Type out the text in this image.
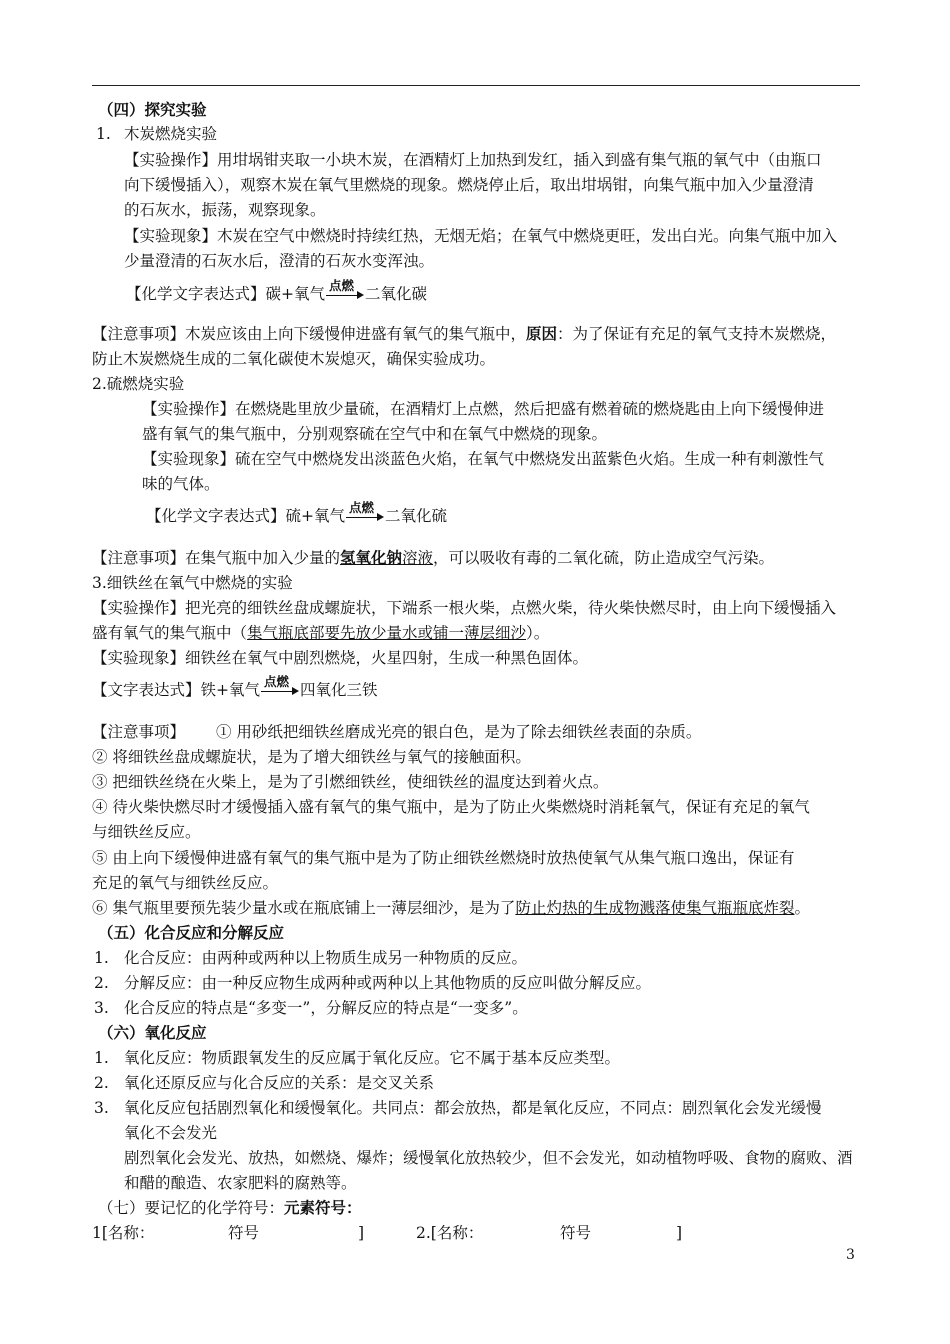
（四）探究实验
1. 木炭燃烧实验
【实验操作】用坩埚钳夹取一小块木炭，在酒精灯上加热到发红，插入到盛有集气瓶的氧气中（由瓶口
向下缓慢插入），观察木炭在氧气里燃烧的现象。燃烧停止后，取出坩埚钳，向集气瓶中加入少量澄清
的石灰水，振荡，观察现象。
【实验现象】木炭在空气中燃烧时持续红热，无烟无焰；在氧气中燃烧更旺，发出白光。向集气瓶中加入
少量澄清的石灰水后，澄清的石灰水变浑浊。
【化学文字表达式】碳+氧气 点燃 二氧化碳
【注意事项】木炭应该由上向下缓慢伸进盛有氧气的集气瓶中，原因：为了保证有充足的氧气支持木炭燃烧，
防止木炭燃烧生成的二氧化碳使木炭熄灭，确保实验成功。
2.硫燃烧实验
【实验操作】在燃烧匙里放少量硫，在酒精灯上点燃，然后把盛有燃着硫的燃烧匙由上向下缓慢伸进
盛有氧气的集气瓶中，分别观察硫在空气中和在氧气中燃烧的现象。
【实验现象】硫在空气中燃烧发出淡蓝色火焰，在氧气中燃烧发出蓝紫色火焰。生成一种有刺激性气
味的气体。
【化学文字表达式】硫+氧气 点燃 二氧化硫
【注意事项】在集气瓶中加入少量的氢氧化钠溶液，可以吸收有毒的二氧化硫，防止造成空气污染。
3.细铁丝在氧气中燃烧的实验
【实验操作】把光亮的细铁丝盘成螺旋状，下端系一根火柴，点燃火柴，待火柴快燃尽时，由上向下缓慢插入
盛有氧气的集气瓶中（集气瓶底部要先放少量水或铺一薄层细沙）。
【实验现象】细铁丝在氧气中剧烈燃烧，火星四射，生成一种黑色固体。
【文字表达式】铁+氧气 点燃 四氧化三铁
【注意事项】 ① 用砂纸把细铁丝磨成光亮的银白色，是为了除去细铁丝表面的杂质。
② 将细铁丝盘成螺旋状，是为了增大细铁丝与氧气的接触面积。
③ 把细铁丝绕在火柴上，是为了引燃细铁丝，使细铁丝的温度达到着火点。
④ 待火柴快燃尽时才缓慢插入盛有氧气的集气瓶中，是为了防止火柴燃烧时消耗氧气，保证有充足的氧气
与细铁丝反应。
⑤ 由上向下缓慢伸进盛有氧气的集气瓶中是为了防止细铁丝燃烧时放热使氧气从集气瓶口逸出，保证有
充足的氧气与细铁丝反应。
⑥ 集气瓶里要预先装少量水或在瓶底铺上一薄层细沙，是为了防止灼热的生成物溅落使集气瓶瓶底炸裂。
（五）化合反应和分解反应
1. 化合反应：由两种或两种以上物质生成另一种物质的反应。
2. 分解反应：由一种反应物生成两种或两种以上其他物质的反应叫做分解反应。
3. 化合反应的特点是“多变一”，分解反应的特点是“一变多”。
（六）氧化反应
1. 氧化反应：物质跟氧发生的反应属于氧化反应。它不属于基本反应类型。
2. 氧化还原反应与化合反应的关系：是交叉关系
3. 氧化反应包括剧烈氧化和缓慢氧化。共同点：都会放热，都是氧化反应，不同点：剧烈氧化会发光缓慢
氧化不会发光
剧烈氧化会发光、放热，如燃烧、爆炸；缓慢氧化放热较少，但不会发光，如动植物呼吸、食物的腐败、酒
和醋的酿造、农家肥料的腐熟等。
（七）要记忆的化学符号：元素符号：
1[名称：	符号	]	2.[名称：	符号	]
3
